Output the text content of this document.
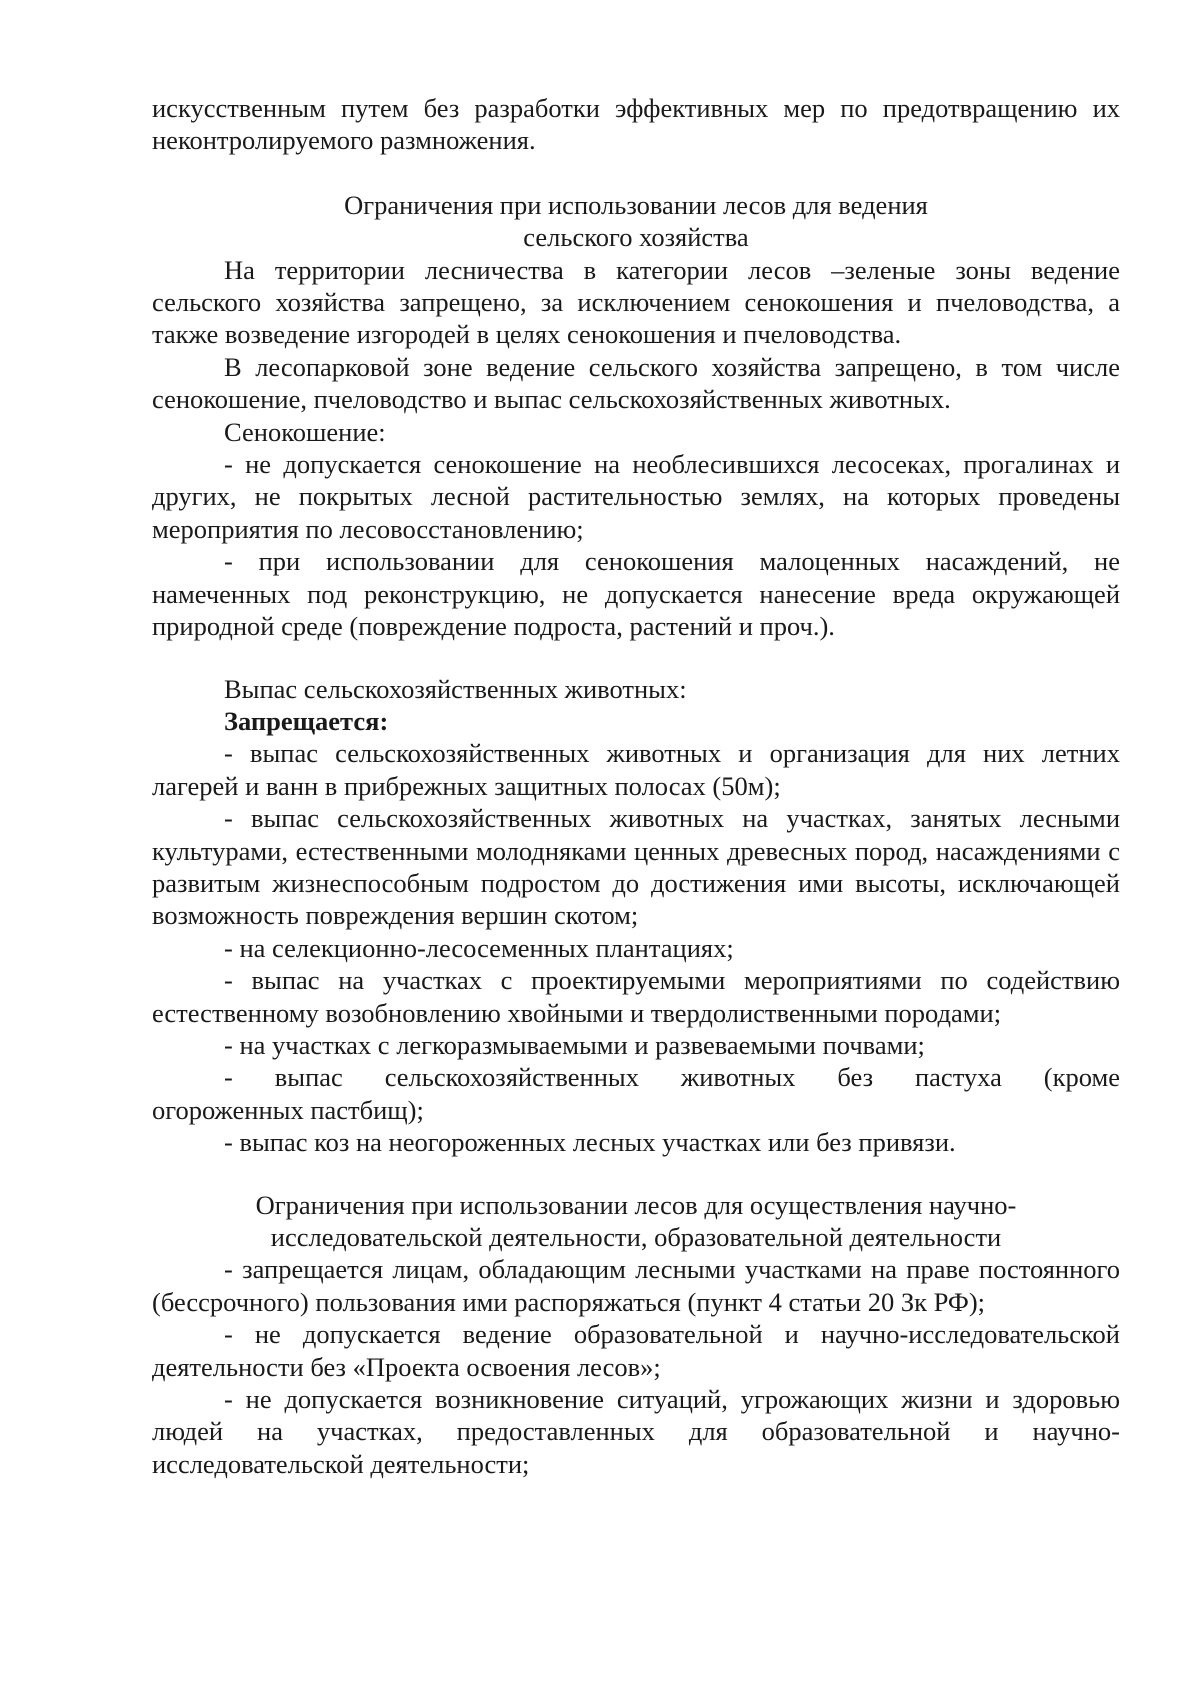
искусственным путем без разработки эффективных мер по предотвращению их неконтролируемого размножения.

Ограничения при использовании лесов для ведения
сельского хозяйства

На территории лесничества в категории лесов –зеленые зоны ведение сельского хозяйства запрещено, за исключением сенокошения и пчеловодства, а также возведение изгородей в целях сенокошения и пчеловодства.

В лесопарковой зоне ведение сельского хозяйства запрещено, в том числе сенокошение, пчеловодство и выпас сельскохозяйственных животных.

Сенокошение:

- не допускается сенокошение на необлесившихся лесосеках, прогалинах и других, не покрытых лесной растительностью землях, на которых проведены мероприятия по лесовосстановлению;

- при использовании для сенокошения малоценных насаждений, не намеченных под реконструкцию, не допускается нанесение вреда окружающей природной среде (повреждение подроста, растений и проч.).

Выпас сельскохозяйственных животных:

Запрещается:

- выпас сельскохозяйственных животных и организация для них летних лагерей и ванн в прибрежных защитных полосах (50м);

- выпас сельскохозяйственных животных на участках, занятых лесными культурами, естественными молодняками ценных древесных пород, насаждениями с развитым жизнеспособным подростом до достижения ими высоты, исключающей возможность повреждения вершин скотом;

- на селекционно-лесосеменных плантациях;

- выпас на участках с проектируемыми мероприятиями по содействию естественному возобновлению хвойными и твердолиственными породами;

- на участках с легкоразмываемыми и развеваемыми почвами;

-   выпас   сельскохозяйственных   животных   без   пастуха   (кроме огороженных пастбищ);

- выпас коз на неогороженных лесных участках или без привязи.

Ограничения при использовании лесов для осуществления научно-
исследовательской деятельности, образовательной деятельности

- запрещается лицам, обладающим лесными участками на праве постоянного (бессрочного) пользования ими распоряжаться (пункт 4 статьи 20 Зк РФ);

- не допускается ведение образовательной и научно-исследовательской деятельности без «Проекта освоения лесов»;

- не допускается возникновение ситуаций, угрожающих жизни и здоровью людей на участках, предоставленных для образовательной и научно-исследовательской деятельности;
